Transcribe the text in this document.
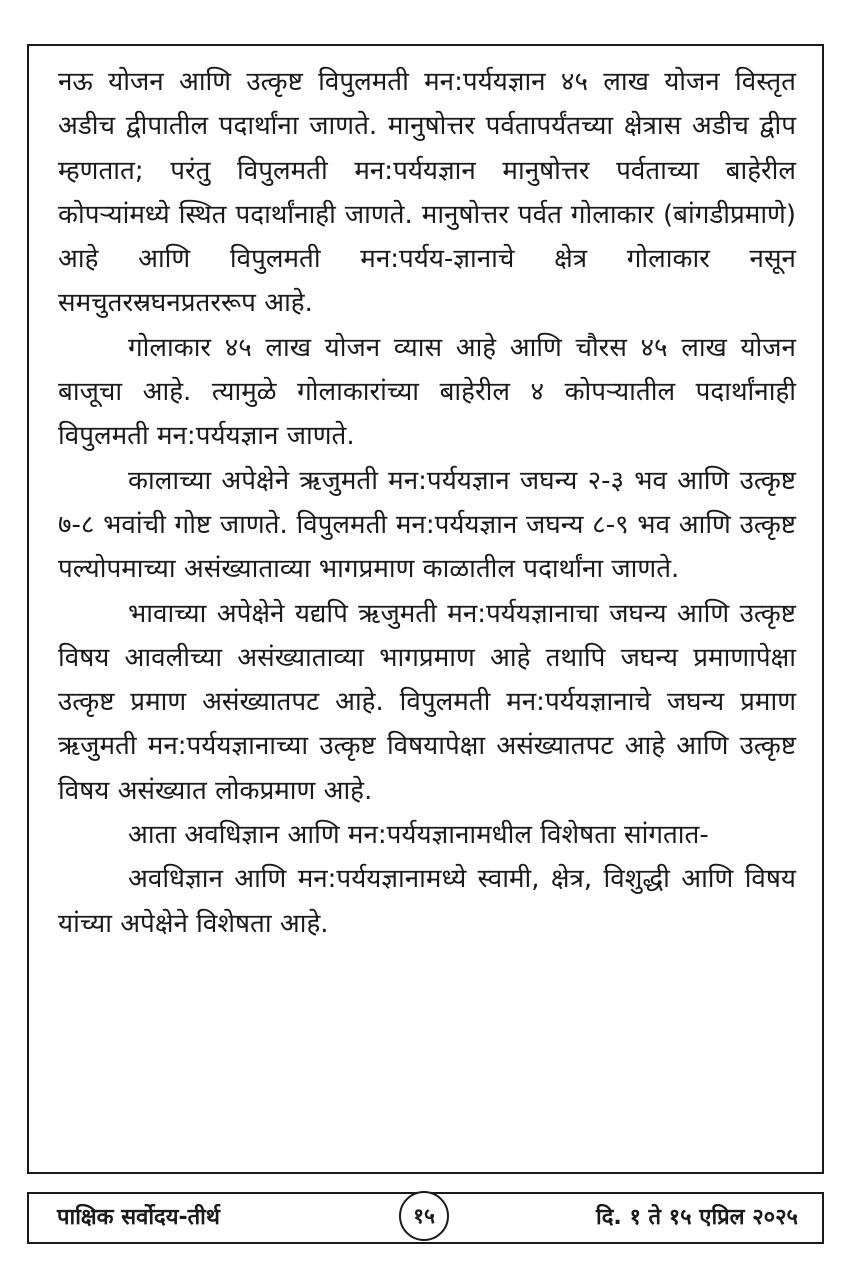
नऊ योजन आणि उत्कृष्ट विपुलमती मन:पर्ययज्ञान ४५ लाख योजन विस्तृत अडीच द्वीपातील पदार्थांना जाणते. मानुषोत्तर पर्वतापर्यंतच्या क्षेत्रास अडीच द्वीप म्हणतात; परंतु विपुलमती मन:पर्ययज्ञान मानुषोत्तर पर्वताच्या बाहेरील कोपऱ्यांमध्ये स्थित पदार्थांनाही जाणते. मानुषोत्तर पर्वत गोलाकार (बांगडीप्रमाणे) आहे आणि विपुलमती मन:पर्यय-ज्ञानाचे क्षेत्र गोलाकार नसून समचुतरस्रघनप्रतररूप आहे.

गोलाकार ४५ लाख योजन व्यास आहे आणि चौरस ४५ लाख योजन बाजूचा आहे. त्यामुळे गोलाकारांच्या बाहेरील ४ कोपऱ्यातील पदार्थांनाही विपुलमती मन:पर्ययज्ञान जाणते.

कालाच्या अपेक्षेने ऋजुमती मन:पर्ययज्ञान जघन्य २-३ भव आणि उत्कृष्ट ७-८ भवांची गोष्ट जाणते. विपुलमती मन:पर्ययज्ञान जघन्य ८-९ भव आणि उत्कृष्ट पल्योपमाच्या असंख्याताव्या भागप्रमाण काळातील पदार्थांना जाणते.

भावाच्या अपेक्षेने यद्यपि ऋजुमती मन:पर्ययज्ञानाचा जघन्य आणि उत्कृष्ट विषय आवलीच्या असंख्याताव्या भागप्रमाण आहे तथापि जघन्य प्रमाणापेक्षा उत्कृष्ट प्रमाण असंख्यातपट आहे. विपुलमती मन:पर्ययज्ञानाचे जघन्य प्रमाण ऋजुमती मन:पर्ययज्ञानाच्या उत्कृष्ट विषयापेक्षा असंख्यातपट आहे आणि उत्कृष्ट विषय असंख्यात लोकप्रमाण आहे.

आता अवधिज्ञान आणि मन:पर्ययज्ञानामधील विशेषता सांगतात-

अवधिज्ञान आणि मन:पर्ययज्ञानामध्ये स्वामी, क्षेत्र, विशुद्धी आणि विषय यांच्या अपेक्षेने विशेषता आहे.

पाक्षिक सर्वोदय-तीर्थ	१५	दि. १ ते १५ एप्रिल २०२५
